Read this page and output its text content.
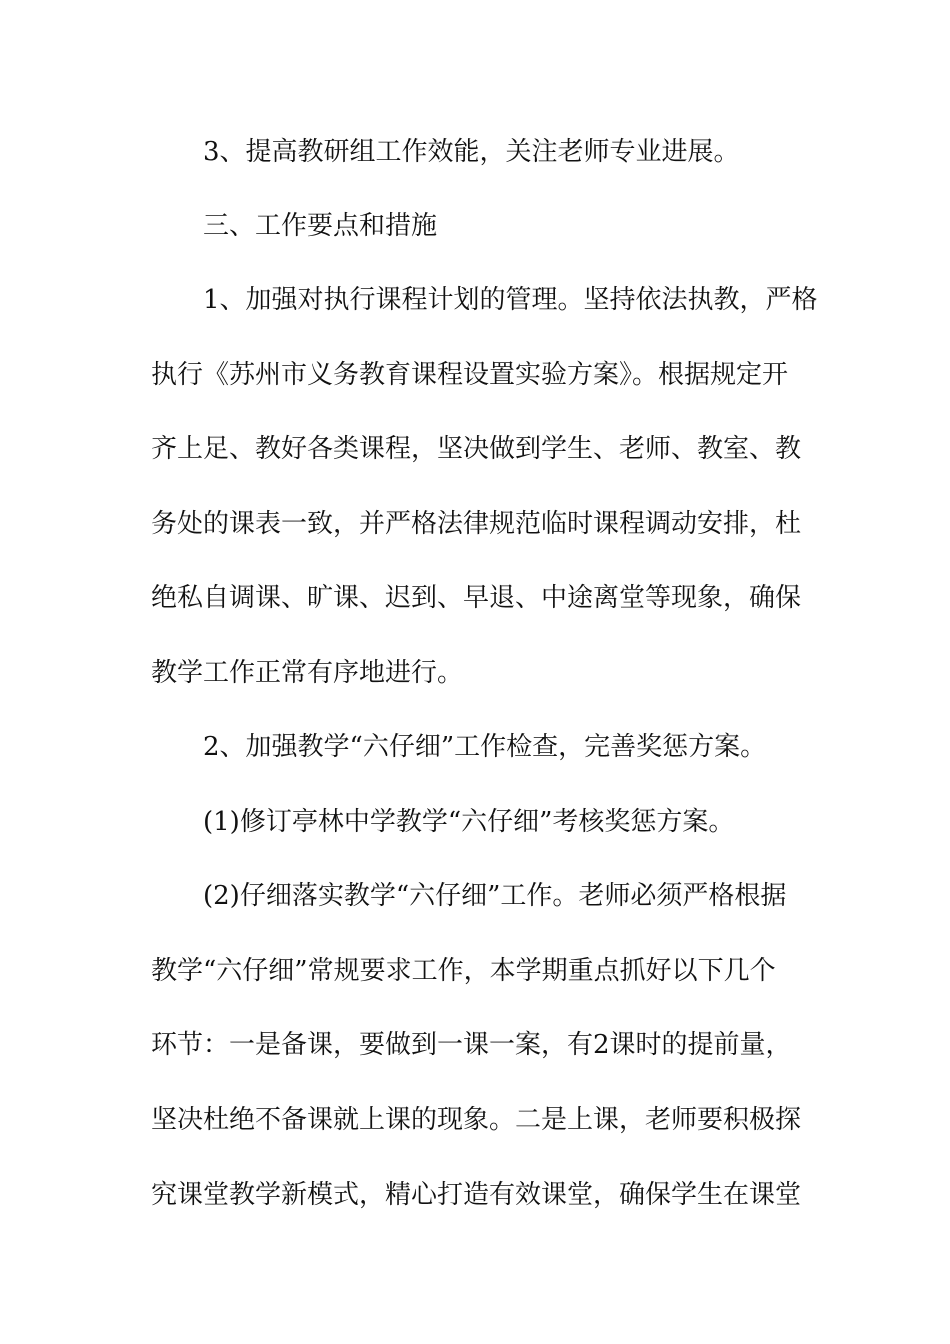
3、提高教研组工作效能，关注老师专业进展。
三、工作要点和措施
1、加强对执行课程计划的管理。坚持依法执教，严格
执行《苏州市义务教育课程设置实验方案》。根据规定开
齐上足、教好各类课程，坚决做到学生、老师、教室、教
务处的课表一致，并严格法律规范临时课程调动安排，杜
绝私自调课、旷课、迟到、早退、中途离堂等现象，确保
教学工作正常有序地进行。
2、加强教学“六仔细”工作检查，完善奖惩方案。
(1)修订亭林中学教学“六仔细”考核奖惩方案。
(2)仔细落实教学“六仔细”工作。老师必须严格根据
教学“六仔细”常规要求工作，本学期重点抓好以下几个
环节：一是备课，要做到一课一案，有2课时的提前量，
坚决杜绝不备课就上课的现象。二是上课，老师要积极探
究课堂教学新模式，精心打造有效课堂，确保学生在课堂
